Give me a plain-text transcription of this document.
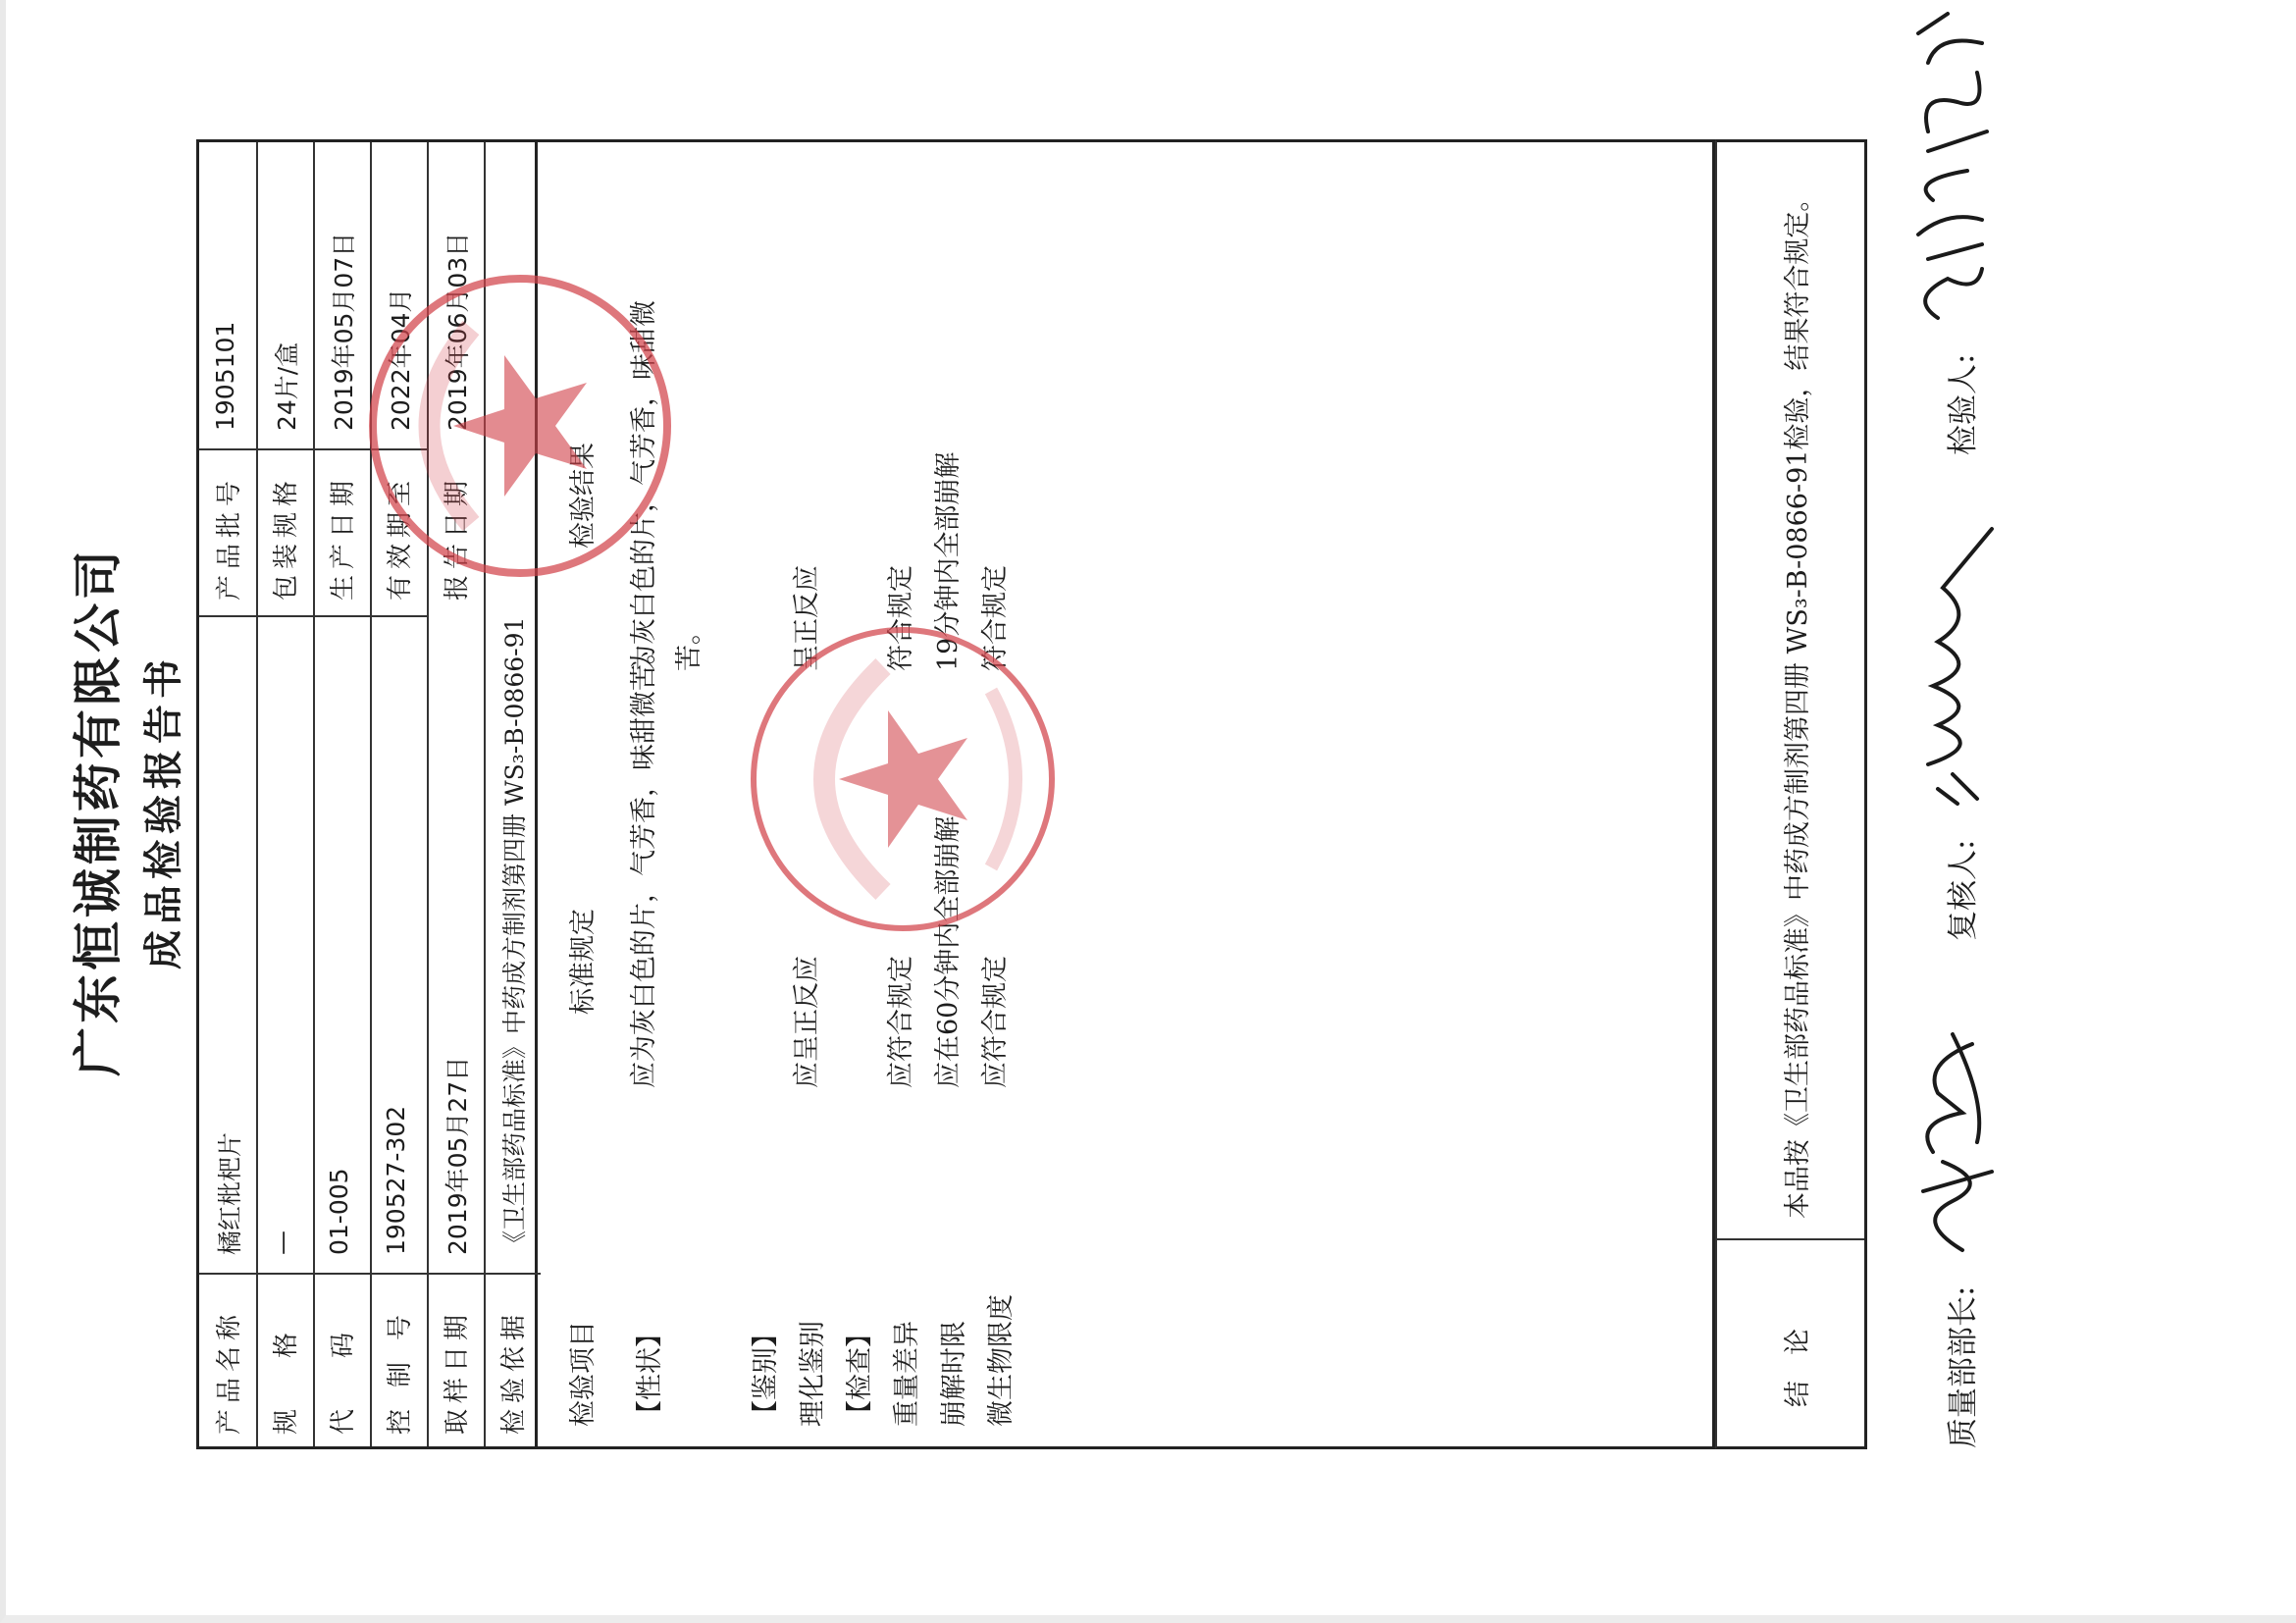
广东恒诚制药有限公司 成品检验报告书
产品名称
橘红枇杷片
产品批号
1905101
规格
—
包装规格
24片/盒
代码
01-005
生产日期
2019年05月07日
控制号
190527-302
有效期至
2022年04月
取样日期
2019年05月27日
报告日期
2019年06月03日
检验依据
《卫生部药品标准》中药成方制剂第四册 WS₃-B-0866-91
检验项目
标准规定
检验结果
【性状】
应为灰白色的片，气芳香，味甜微苦。
为灰白色的片，气芳香，味甜微苦。
【鉴别】 理化鉴别
应呈正反应
呈正反应
【检查】 重量差异
应符合规定
符合规定
崩解时限
应在60分钟内全部崩解
19分钟内全部崩解
微生物限度
应符合规定
符合规定
结论
本品按《卫生部药品标准》中药成方制剂第四册 WS₃-B-0866-91检验，结果符合规定。
质量部部长:
复核人:
检验人:
